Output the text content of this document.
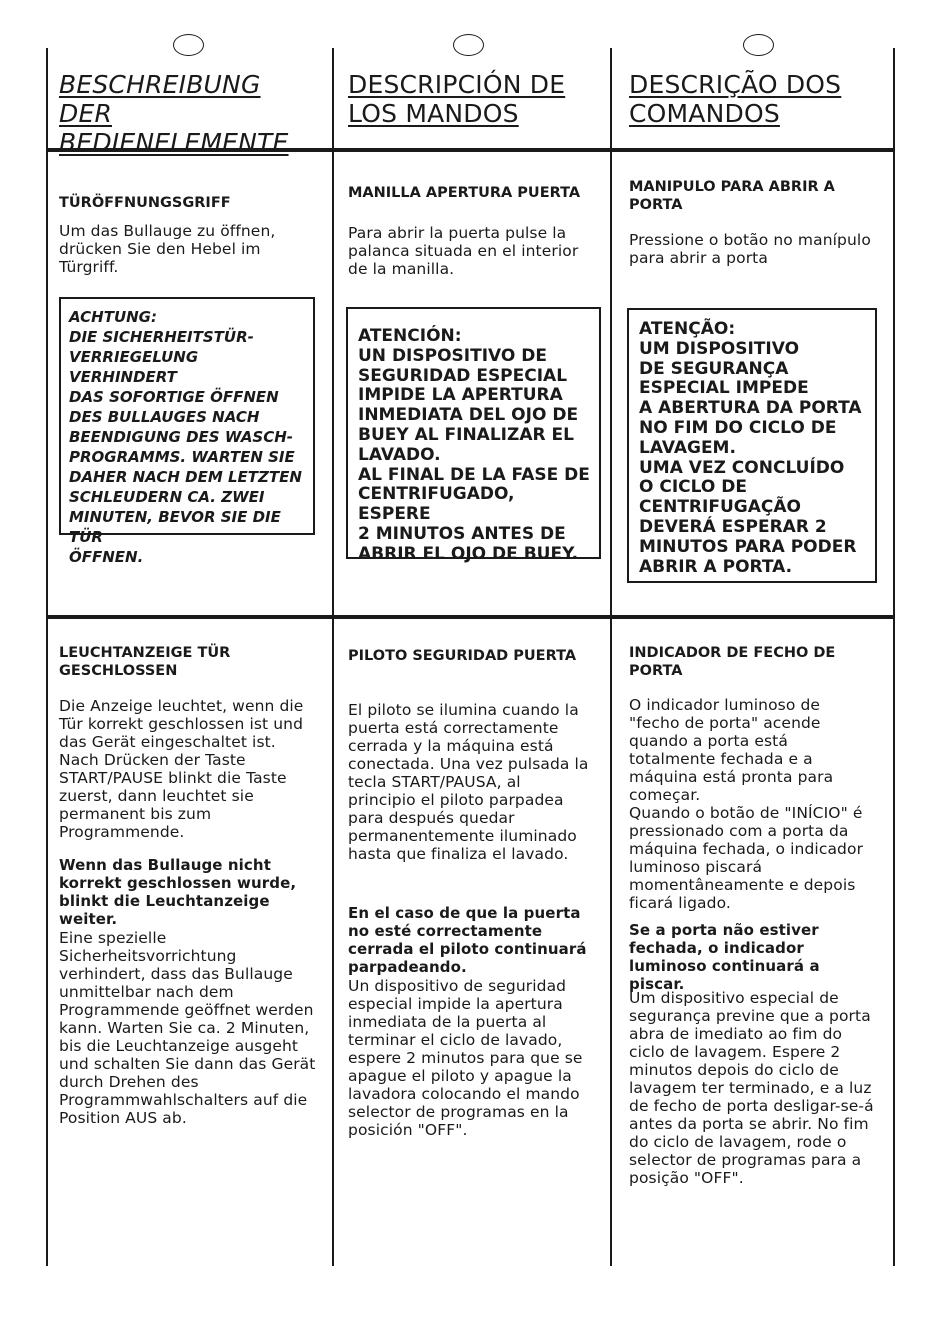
BESCHREIBUNG DER
BEDIENELEMENTE

TÜRÖFFNUNGSGRIFF

Um das Bullauge zu öffnen, drücken Sie den Hebel im Türgriff.

ACHTUNG:
DIE SICHERHEITSTÜR-
VERRIEGELUNG VERHINDERT
DAS SOFORTIGE ÖFFNEN
DES BULLAUGES NACH
BEENDIGUNG DES WASCH-
PROGRAMMS. WARTEN SIE
DAHER NACH DEM LETZTEN
SCHLEUDERN CA. ZWEI
MINUTEN, BEVOR SIE DIE TÜR
ÖFFNEN.

LEUCHTANZEIGE TÜR
GESCHLOSSEN

Die Anzeige leuchtet, wenn die Tür korrekt geschlossen ist und das Gerät eingeschaltet ist. Nach Drücken der Taste START/PAUSE blinkt die Taste zuerst, dann leuchtet sie permanent bis zum Programmende.

Wenn das Bullauge nicht korrekt geschlossen wurde, blinkt die Leuchtanzeige weiter.

Eine spezielle Sicherheitsvorrichtung verhindert, dass das Bullauge unmittelbar nach dem Programmende geöffnet werden kann. Warten Sie ca. 2 Minuten, bis die Leuchtanzeige ausgeht und schalten Sie dann das Gerät durch Drehen des Programmwahlschalters auf die Position AUS ab.

DESCRIPCIÓN DE
LOS MANDOS

MANILLA APERTURA PUERTA

Para abrir la puerta pulse la palanca situada en el interior de la manilla.

ATENCIÓN:
UN DISPOSITIVO DE
SEGURIDAD ESPECIAL
IMPIDE LA APERTURA
INMEDIATA DEL OJO DE
BUEY AL FINALIZAR EL
LAVADO.
AL FINAL DE LA FASE DE
CENTRIFUGADO, ESPERE
2 MINUTOS ANTES DE
ABRIR EL OJO DE BUEY.

PILOTO SEGURIDAD PUERTA

El piloto se ilumina cuando la puerta está correctamente cerrada y la máquina está conectada. Una vez pulsada la tecla START/PAUSA, al principio el piloto parpadea para después quedar permanentemente iluminado hasta que finaliza el lavado.

En el caso de que la puerta no esté correctamente cerrada el piloto continuará parpadeando.

Un dispositivo de seguridad especial impide la apertura inmediata de la puerta al terminar el ciclo de lavado, espere 2 minutos para que se apague el piloto y apague la lavadora colocando el mando selector de programas en la posición "OFF".

DESCRIÇÃO DOS
COMANDOS

MANIPULO PARA ABRIR A
PORTA

Pressione o botão no manípulo para abrir a porta

ATENÇÃO:
UM DISPOSITIVO
DE SEGURANÇA
ESPECIAL IMPEDE
A ABERTURA DA PORTA
NO FIM DO CICLO DE
LAVAGEM.
UMA VEZ CONCLUÍDO
O CICLO DE
CENTRIFUGAÇÃO
DEVERÁ ESPERAR 2
MINUTOS PARA PODER
ABRIR A PORTA.

INDICADOR DE FECHO DE
PORTA

O indicador luminoso de "fecho de porta" acende quando a porta está totalmente fechada e a máquina está pronta para começar.
Quando o botão de "INÍCIO" é pressionado com a porta da máquina fechada, o indicador luminoso piscará momentâneamente e depois ficará ligado.

Se a porta não estiver fechada, o indicador luminoso continuará a piscar.

Um dispositivo especial de segurança previne que a porta abra de imediato ao fim do ciclo de lavagem. Espere 2 minutos depois do ciclo de lavagem ter terminado, e a luz de fecho de porta desligar-se-á antes da porta se abrir. No fim do ciclo de lavagem, rode o selector de programas para a posição "OFF".
